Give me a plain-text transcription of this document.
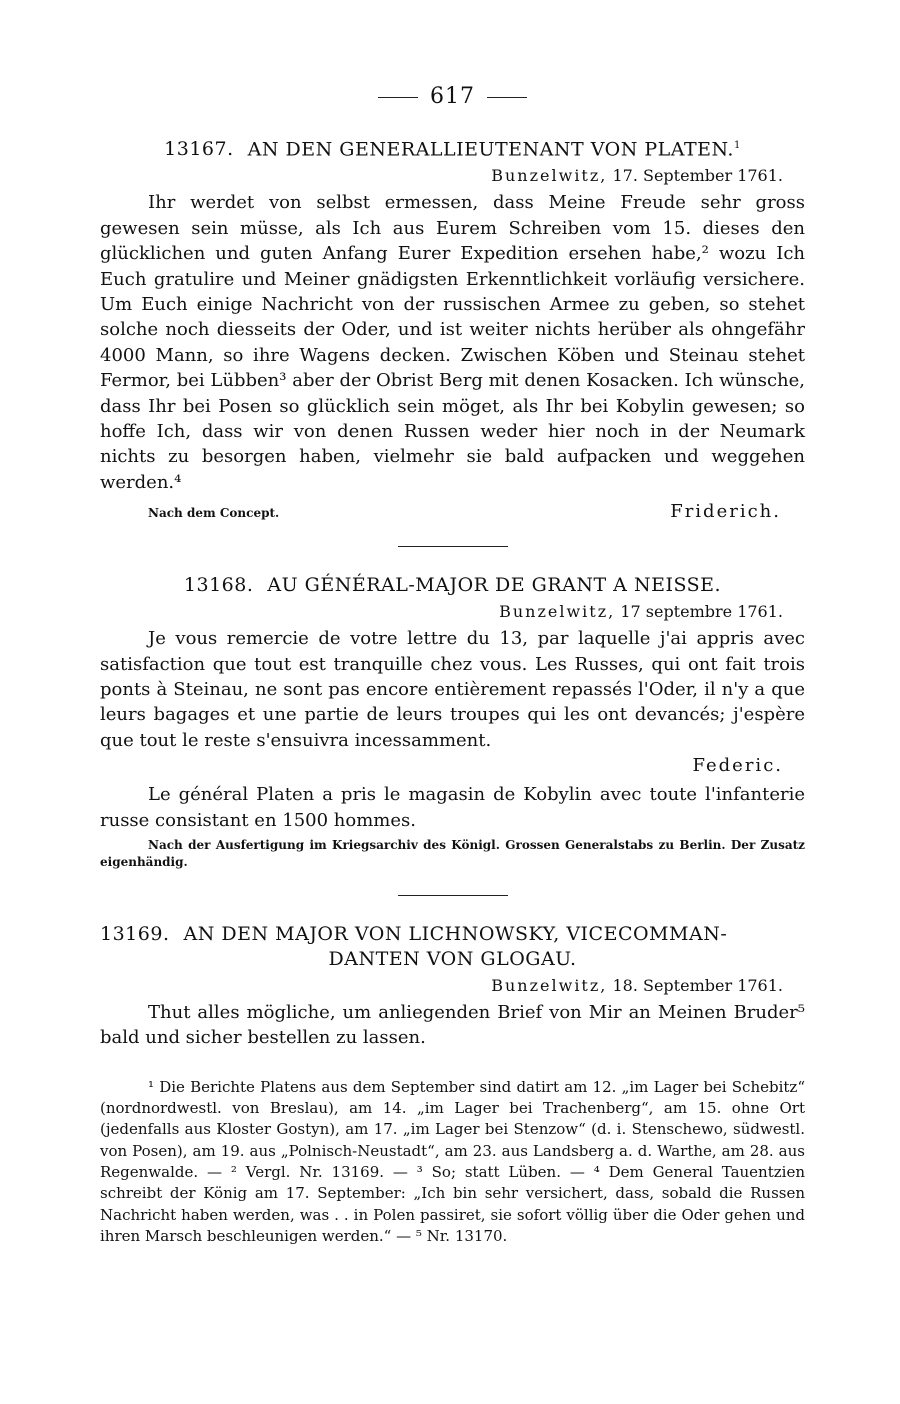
617
13167. AN DEN GENERALLIEUTENANT VON PLATEN.$^1$
Bunzelwitz, 17. September 1761.

Ihr werdet von selbst ermessen, dass Meine Freude sehr gross gewesen sein müsse, als Ich aus Eurem Schreiben vom 15. dieses den glücklichen und guten Anfang Eurer Expedition ersehen habe,² wozu Ich Euch gratulire und Meiner gnädigsten Erkenntlichkeit vorläufig versichere. Um Euch einige Nachricht von der russischen Armee zu geben, so stehet solche noch diesseits der Oder, und ist weiter nichts herüber als ohngefähr 4000 Mann, so ihre Wagens decken. Zwischen Köben und Steinau stehet Fermor, bei Lübben³ aber der Obrist Berg mit denen Kosacken. Ich wünsche, dass Ihr bei Posen so glücklich sein möget, als Ihr bei Kobylin gewesen; so hoffe Ich, dass wir von denen Russen weder hier noch in der Neumark nichts zu besorgen haben, vielmehr sie bald aufpacken und weggehen werden.⁴

Nach dem Concept.	Friderich.
13168. AU GÉNÉRAL-MAJOR DE GRANT A NEISSE.
Bunzelwitz, 17 septembre 1761.

Je vous remercie de votre lettre du 13, par laquelle j'ai appris avec satisfaction que tout est tranquille chez vous. Les Russes, qui ont fait trois ponts à Steinau, ne sont pas encore entièrement repassés l'Oder, il n'y a que leurs bagages et une partie de leurs troupes qui les ont devancés; j'espère que tout le reste s'ensuivra incessamment.

Federic.

Le général Platen a pris le magasin de Kobylin avec toute l'infanterie russe consistant en 1500 hommes.

Nach der Ausfertigung im Kriegsarchiv des Königl. Grossen Generalstabs zu Berlin. Der Zusatz eigenhändig.

13169. AN DEN MAJOR VON LICHNOWSKY, VICECOMMAN-
DANTEN VON GLOGAU.
Bunzelwitz, 18. September 1761.

Thut alles mögliche, um anliegenden Brief von Mir an Meinen Bruder⁵ bald und sicher bestellen zu lassen.

¹ Die Berichte Platens aus dem September sind datirt am 12. „im Lager bei Schebitz“ (nordnordwestl. von Breslau), am 14. „im Lager bei Trachenberg“, am 15. ohne Ort (jedenfalls aus Kloster Gostyn), am 17. „im Lager bei Stenzow“ (d. i. Stenschewo, südwestl. von Posen), am 19. aus „Polnisch-Neustadt“, am 23. aus Landsberg a. d. Warthe, am 28. aus Regenwalde. — ² Vergl. Nr. 13169. — ³ So; statt Lüben. — ⁴ Dem General Tauentzien schreibt der König am 17. September: „Ich bin sehr versichert, dass, sobald die Russen Nachricht haben werden, was . . in Polen passiret, sie sofort völlig über die Oder gehen und ihren Marsch beschleunigen werden.“ — ⁵ Nr. 13170.
